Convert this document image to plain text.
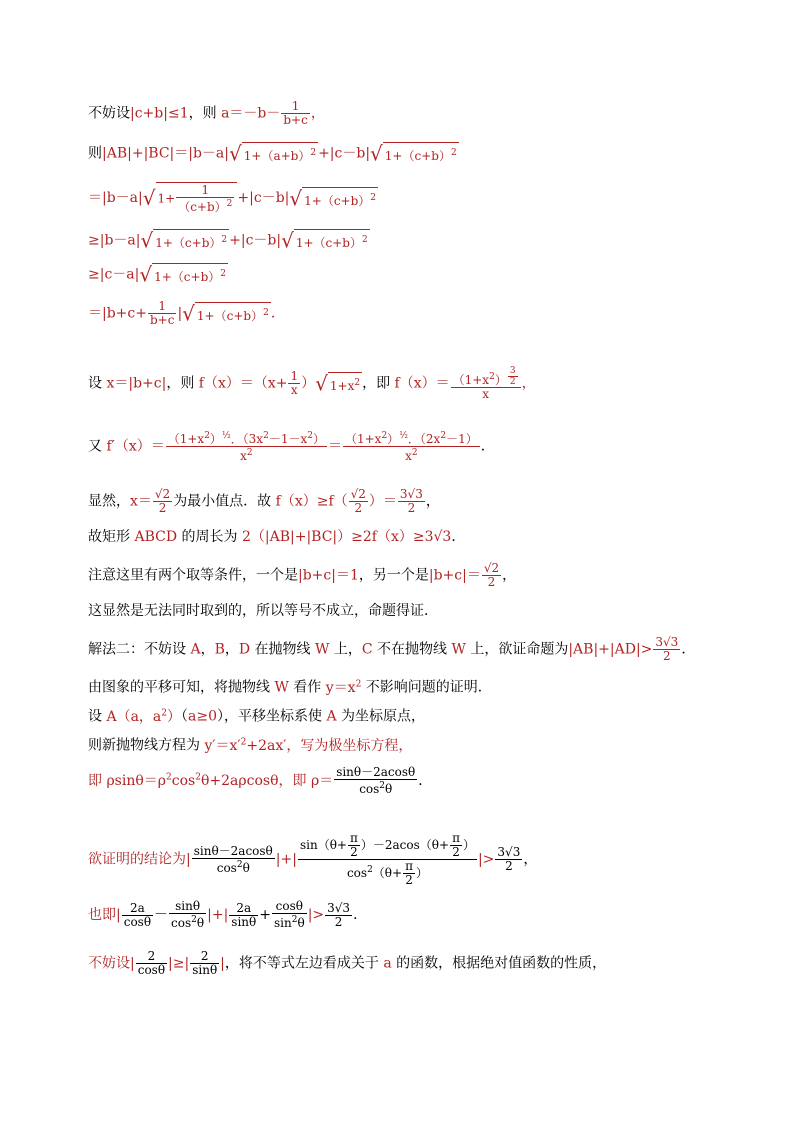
不妨设|c+b|≤1，则 $a=-b- \frac{1}{b+c}$ ，
则|AB|+|BC|＝|b－a|√ $1+(a+b)^2 +|c-b|√$ $1+(c+b)^2$
＝|b－a|√ $1+ \frac{1}{(c+b)^2} +|c-b|√$ $1+(c+b)^2$
≥|b－a|√ $1+(c+b)^2 +|c-b|√$ $1+(c+b)^2$
≥|c－a|√ $1+(c+b)^2$
$=|b+c+ \frac{1}{b+c}$ |√ $1+(c+b)^2$ ．
设 x＝|b+c|，则 $f(x)=(x+ \frac{1}{x}$ ）√ $1+x^2$ ，即 $f(x)= (1+x^2)$ $^{\frac{3}{2}}$
x ，
又 $f'(x)= \frac{(1+x^2)^{\frac{1}{2}}.(3x^2-1-x^2)}{x^2} = \frac{(1+x^2)^{\frac{1}{2}}.(2x^2-1)}{x^2}$ ．
显然，$x= \frac{√2}{2}$ 为最小值点．故 $f(x)\ge f( \frac{√2}{2}$ ）＝ $\frac{3√3}{2}$ ，
故矩形 ABCD 的周长为 2（|AB|+|BC|）≥2f（x）≥3√3．
注意这里有两个取等条件，一个是|b+c|＝1，另一个是$|b+c|= \frac{√2}{2}$ ，
这显然是无法同时取到的，所以等号不成立，命题得证．
解法二：不妨设 A，B，D 在抛物线 W 上，C 不在抛物线 W 上，欲证命题为$|AB|+|AD|> \frac{3√3}{2}$ ．
由图象的平移可知，将抛物线 W 看作 $y=x^2$ 不影响问题的证明．
设 A（a，$a^2)(a\ge 0)$，平移坐标系使 A 为坐标原点，
则新抛物线方程为 $y'=x'^2+2ax'$，写为极坐标方程，
即 $\rho\sin\theta=\rho^2\cos^2\theta+2a\rho\cos\theta$，即 $\rho= \frac{\sin\theta-2acos\theta}{\cos^2\theta}$ ．
欲证明的结论为| $\frac{\sin\theta-2acos\theta}{\cos^2\theta}$ |+| $\frac{\sin(\theta+ \frac{\pi}{2} )-2acos(\theta+ \frac{\pi}{2} )}{\cos^2(\theta+ \frac{\pi}{2} )}$ |> $\frac{3√3}{2}$ ，
也即| $\frac{2a}{\cos\theta} - \frac{\sin\theta}{\cos^2\theta}$ |+| $\frac{2a}{\sin\theta} + \frac{\cos\theta}{\sin^2\theta}$ |> $\frac{3√3}{2}$ ．
不妨设| $\frac{2}{\cos\theta}$ |≥| $\frac{2}{\sin\theta}$ |，将不等式左边看成关于 a 的函数，根据绝对值函数的性质，
